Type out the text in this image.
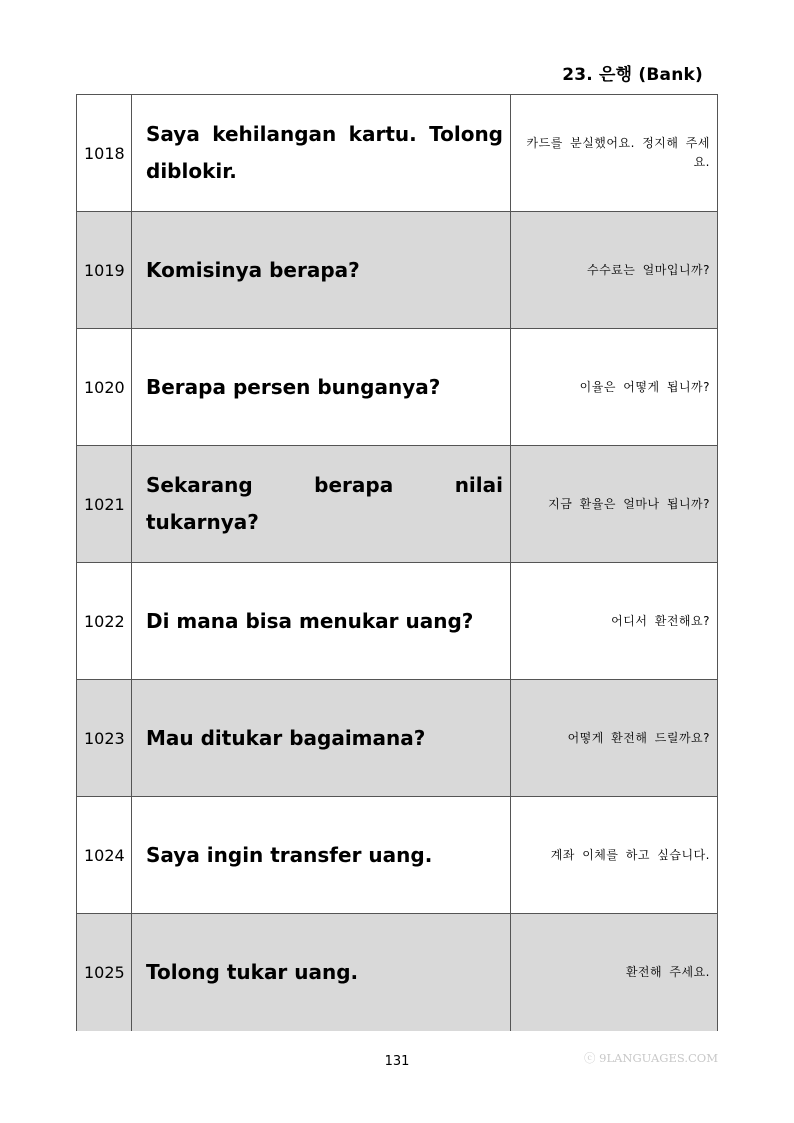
23. 은행 (Bank)
1018	Saya kehilangan kartu. Tolong diblokir.	카드를 분실했어요. 정지해 주세요.
1019	Komisinya berapa?	수수료는 얼마입니까?
1020	Berapa persen bunganya?	이율은 어떻게 됩니까?
1021	Sekarang berapa nilai tukarnya?	지금 환율은 얼마나 됩니까?
1022	Di mana bisa menukar uang?	어디서 환전해요?
1023	Mau ditukar bagaimana?	어떻게 환전해 드릴까요?
1024	Saya ingin transfer uang.	계좌 이체를 하고 싶습니다.
1025	Tolong tukar uang.	환전해 주세요.
131	ⓒ 9LANGUAGES.COM
